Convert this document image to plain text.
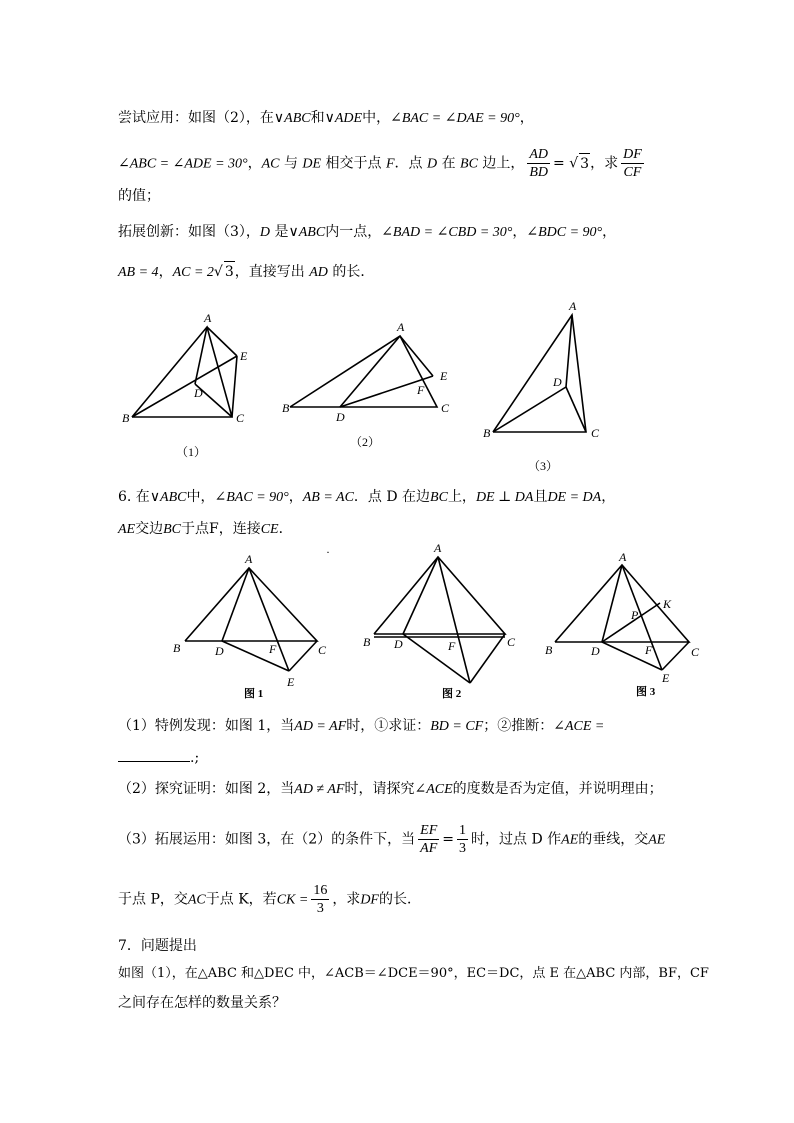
尝试应用：如图（2），在∨ABC和∨ADE中，∠BAC = ∠DAE = 90°，
∠ABC = ∠ADE = 30°，AC 与 DE 相交于点 F．点 D 在 BC 边上， $\frac{AD}{BD}$ = √ 3，求 $\frac{DF}{CF}$
的值；
拓展创新：如图（3），D 是∨ABC内一点，∠BAD = ∠CBD = 30°，∠BDC = 90°，
AB = 4，AC = 2√ 3，直接写出 AD 的长．
A
E
D
B	C
（1）
A
E
F
B
D
C
（2）
A
D
B	C
（3）
A
B	D	F	C
E
图 1
A
B D	F	C
图 2
A
P
K
B	D	F	C
E
图 3
·
6. 在∨ABC中，∠BAC = 90°，AB = AC．点 D 在边BC上，DE ⊥ DA且DE = DA，
AE交边BC于点F，连接CE．
（1）特例发现：如图 1，当AD = AF时，①求证：BD = CF；②推断：∠ACE =
.;
（2）探究证明：如图 2，当AD ≠ AF时，请探究∠ACE的度数是否为定值，并说明理由；
（3）拓展运用：如图 3，在（2）的条件下，当 $\frac{EF}{AF} = \frac{1}{3}$ 时，过点 D 作AE的垂线，交AE
于点 P，交AC于点 K，若CK = $\frac{16}{3}$ ，求DF的长．
7．问题提出
如图（1），在△ABC 和△DEC 中，∠ACB＝∠DCE＝90°，EC＝DC，点 E 在△ABC 内部，BF，CF
之间存在怎样的数量关系？
